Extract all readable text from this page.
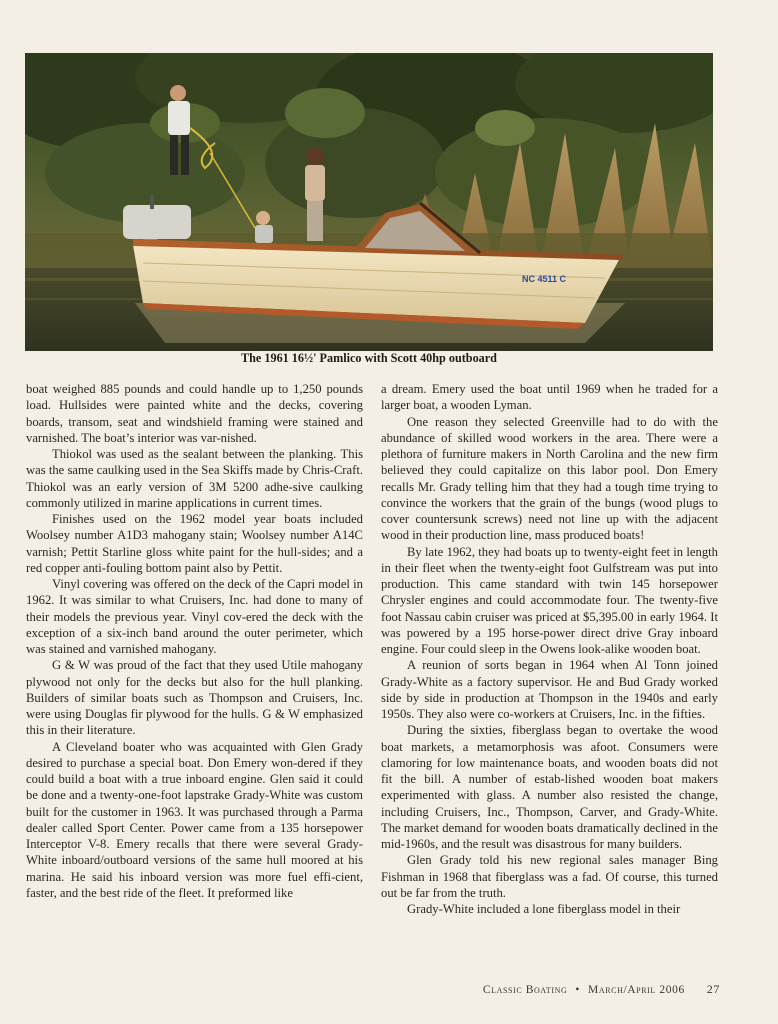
NC 4511 C
The 1961 16½' Pamlico with Scott 40hp outboard

boat weighed 885 pounds and could handle up to 1,250 pounds load. Hullsides were painted white and the decks, covering boards, transom, seat and windshield framing were stained and varnished. The boat’s interior was var-nished.

Thiokol was used as the sealant between the planking. This was the same caulking used in the Sea Skiffs made by Chris-Craft. Thiokol was an early version of 3M 5200 adhe-sive caulking commonly utilized in marine applications in current times.

Finishes used on the 1962 model year boats included Woolsey number A1D3 mahogany stain; Woolsey number A14C varnish; Pettit Starline gloss white paint for the hull-sides; and a red copper anti-fouling bottom paint also by Pettit.

Vinyl covering was offered on the deck of the Capri model in 1962. It was similar to what Cruisers, Inc. had done to many of their models the previous year. Vinyl cov-ered the deck with the exception of a six-inch band around the outer perimeter, which was stained and varnished mahogany.

G & W was proud of the fact that they used Utile mahogany plywood not only for the decks but also for the hull planking. Builders of similar boats such as Thompson and Cruisers, Inc. were using Douglas fir plywood for the hulls. G & W emphasized this in their literature.

A Cleveland boater who was acquainted with Glen Grady desired to purchase a special boat. Don Emery won-dered if they could build a boat with a true inboard engine. Glen said it could be done and a twenty-one-foot lapstrake Grady-White was custom built for the customer in 1963. It was purchased through a Parma dealer called Sport Center. Power came from a 135 horsepower Interceptor V-8. Emery recalls that there were several Grady-White inboard/outboard versions of the same hull moored at his marina. He said his inboard version was more fuel effi-cient, faster, and the best ride of the fleet. It preformed like

a dream. Emery used the boat until 1969 when he traded for a larger boat, a wooden Lyman.

One reason they selected Greenville had to do with the abundance of skilled wood workers in the area. There were a plethora of furniture makers in North Carolina and the new firm believed they could capitalize on this labor pool. Don Emery recalls Mr. Grady telling him that they had a tough time trying to convince the workers that the grain of the bungs (wood plugs to cover countersunk screws) need not line up with the adjacent wood in their production line, mass produced boats!

By late 1962, they had boats up to twenty-eight feet in length in their fleet when the twenty-eight foot Gulfstream was put into production. This came standard with twin 145 horsepower Chrysler engines and could accommodate four. The twenty-five foot Nassau cabin cruiser was priced at $5,395.00 in early 1964. It was powered by a 195 horse-power direct drive Gray inboard engine. Four could sleep in the Owens look-alike wooden boat.

A reunion of sorts began in 1964 when Al Tonn joined Grady-White as a factory supervisor. He and Bud Grady worked side by side in production at Thompson in the 1940s and early 1950s. They also were co-workers at Cruisers, Inc. in the fifties.

During the sixties, fiberglass began to overtake the wood boat markets, a metamorphosis was afoot. Consumers were clamoring for low maintenance boats, and wooden boats did not fit the bill. A number of estab-lished wooden boat makers experimented with glass. A number also resisted the change, including Cruisers, Inc., Thompson, Carver, and Grady-White. The market demand for wooden boats dramatically declined in the mid-1960s, and the result was disastrous for many builders.

Glen Grady told his new regional sales manager Bing Fishman in 1968 that fiberglass was a fad. Of course, this turned out be far from the truth.

Grady-White included a lone fiberglass model in their

Classic Boating • March/April 2006 27
